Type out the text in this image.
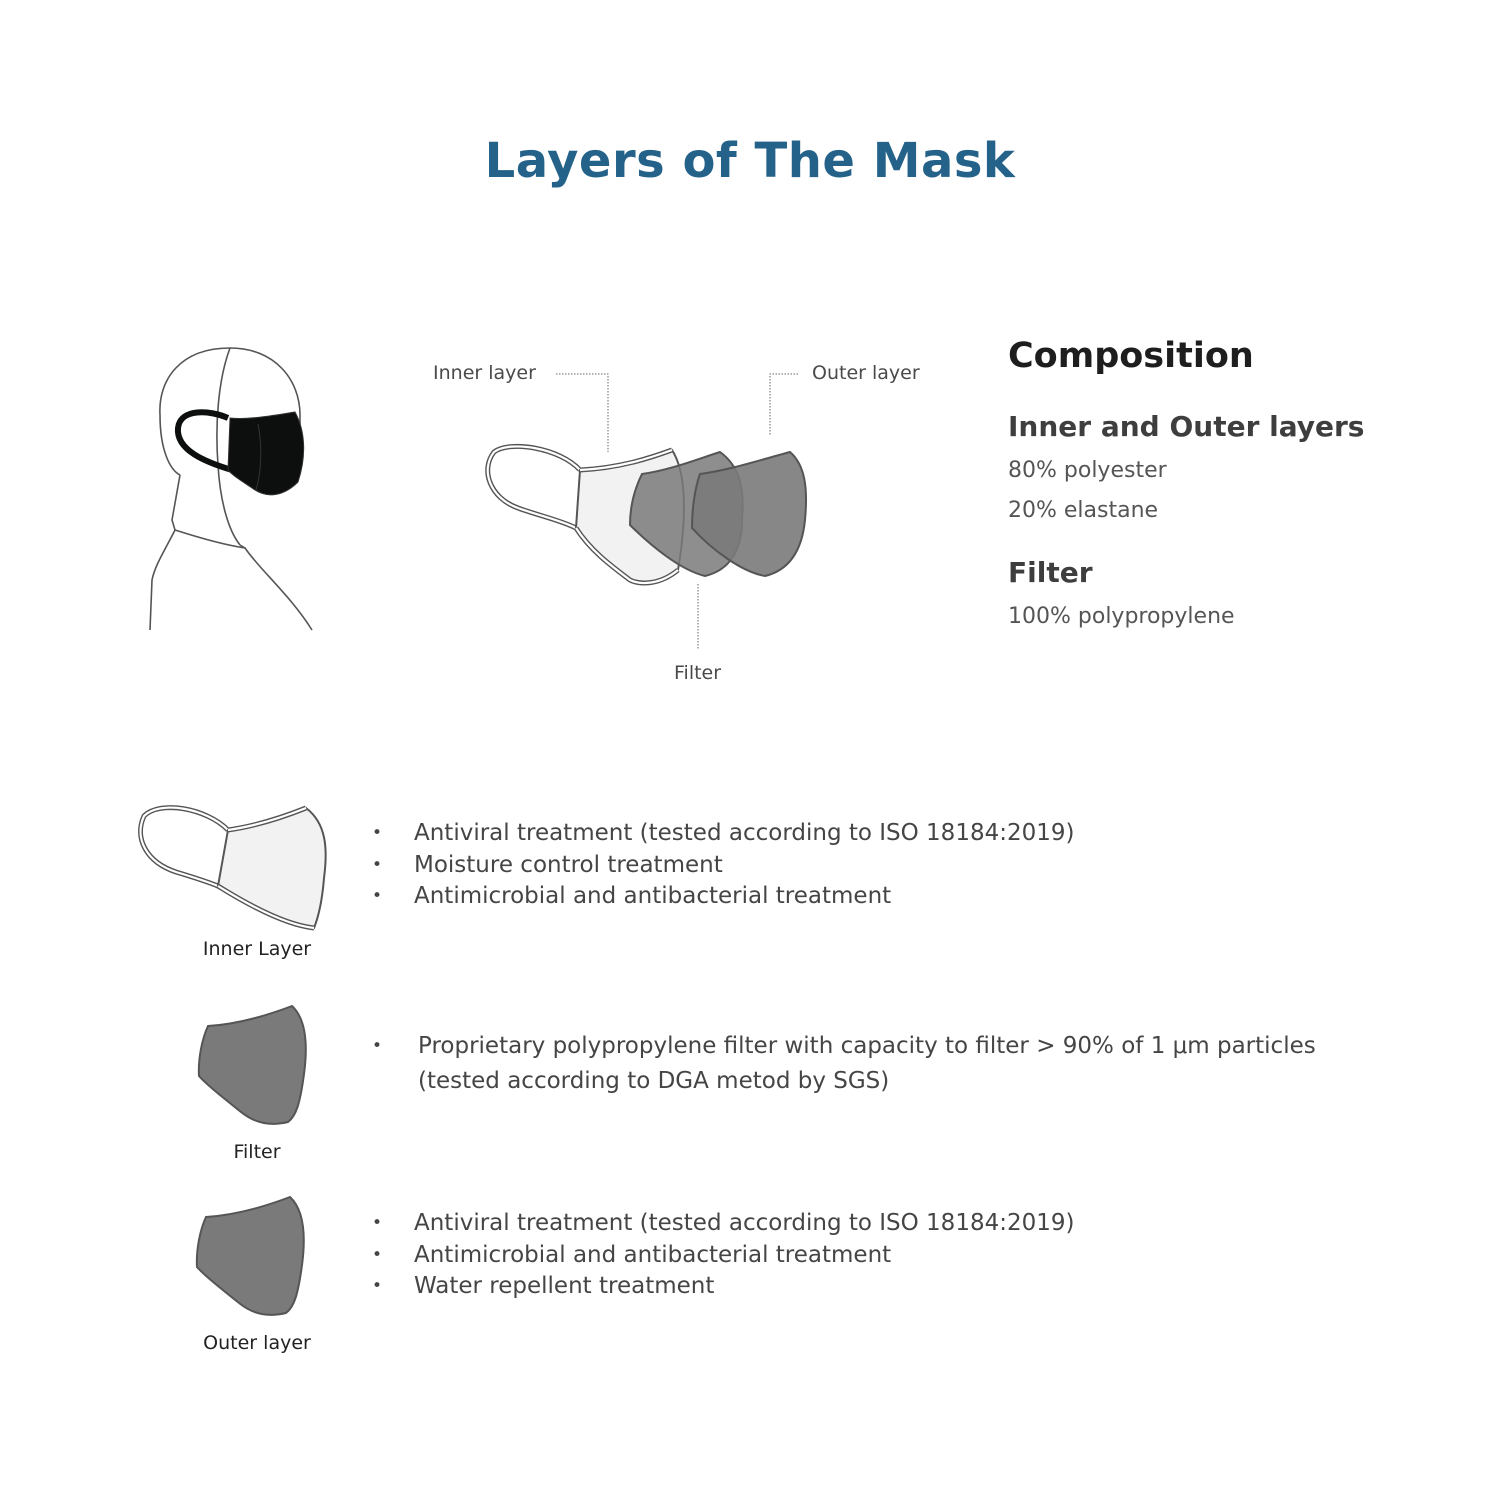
Layers of The Mask
Inner layer	Outer layer
Filter
Composition
Inner and Outer layers
80% polyester
20% elastane
Filter
100% polypropylene
Inner Layer
• Antiviral treatment (tested according to ISO 18184:2019)
• Moisture control treatment
• Antimicrobial and antibacterial treatment
Filter
• Proprietary polypropylene filter with capacity to filter > 90% of 1 μm particles (tested according to DGA metod by SGS)
Outer layer
• Antiviral treatment (tested according to ISO 18184:2019)
• Antimicrobial and antibacterial treatment
• Water repellent treatment
